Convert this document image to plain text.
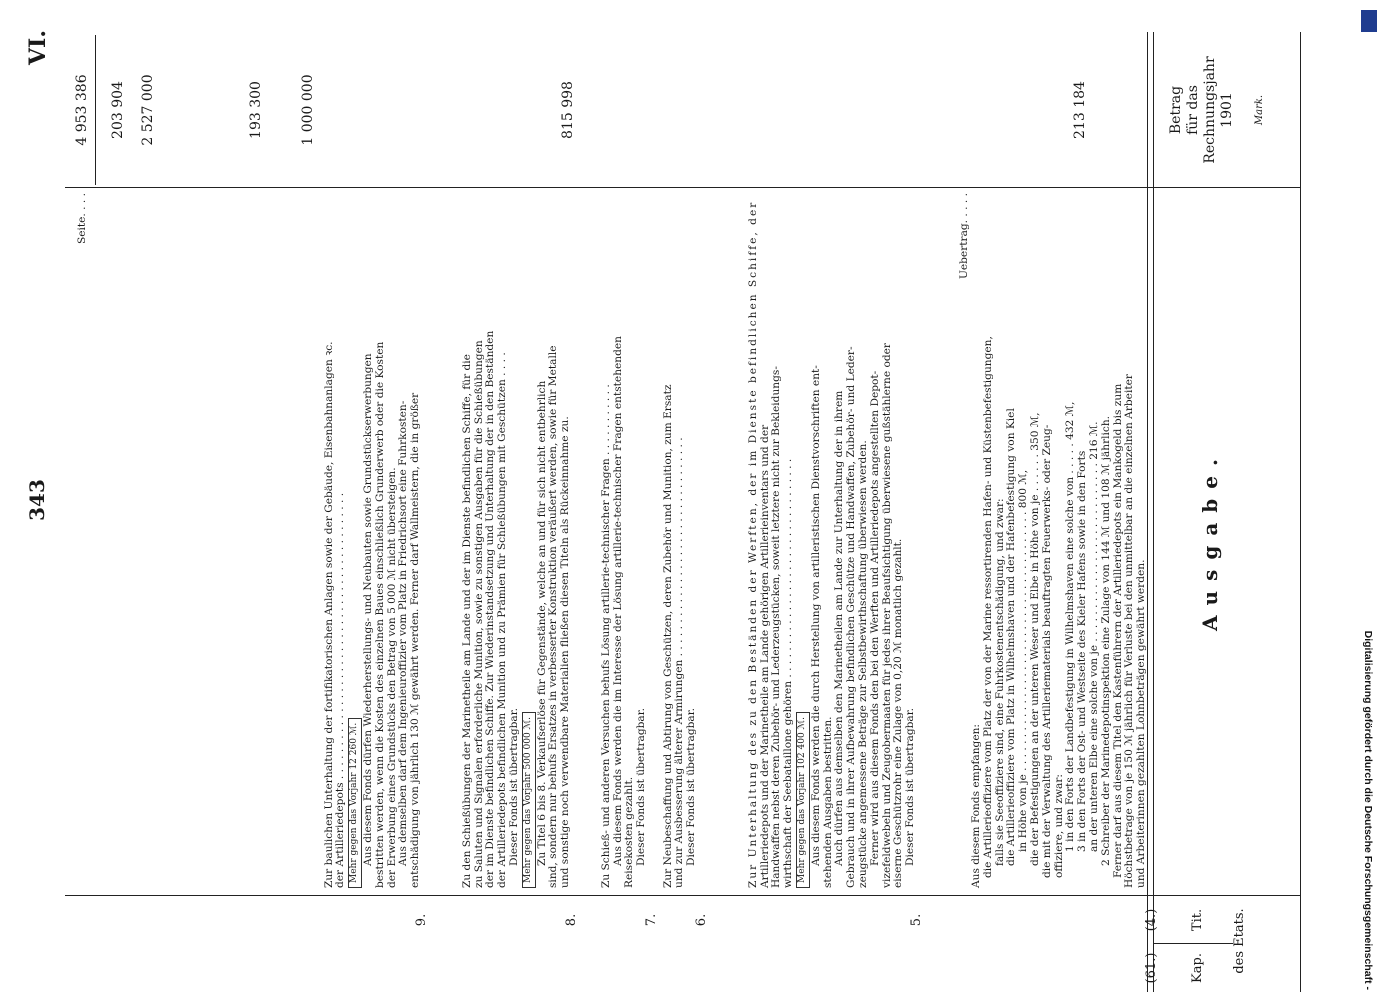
343
VI.
Kap.
Tit. des Etats.
Ausgabe.
Betrag für das Rechnungsjahr 1901 Mark.
Seite. . . .
4 953 386
(61.)
(4.)

Uebertrag. . . . .

Aus diesem Fonds empfangen: die Artillerieoffiziere vom Platz der von der Marine ressortirenden Hafen- und Küstenbefestigungen, falls sie Seeoffiziere sind, eine Fuhrkostenentschädigung, und zwar: die Artillerieoffiziere vom Platz in Wilhelmshaven und der Hafenbefestigung von Kiel in Höhe von je . . . . . . . . . . . . . . . . . . . . . . . . . . . . . . . . . . . . . . . 800 ℳ, die der Befestigungen an der unteren Weser und Elbe in Höhe von je . . . . . . 350 ℳ, die mit der Verwaltung des Artilleriematerials beauftragten Feuerwerks- oder Zeug- offiziere, und zwar: 1 in den Forts der Landbefestigung in Wilhelmshaven eine solche von . . . . . 432 ℳ, 3 in den Forts der Ost- und Westseite des Kieler Hafens sowie in den Forts an der unteren Elbe eine solche von je . . . . . . . . . . . . . . . . . . . . . . . . . . . 216 ℳ. 2 Schreiber der Marinedepotinspektion eine Zulage von 144 ℳ und 108 ℳ jährlich. Ferner darf aus diesem Titel den Kastenführern der Artilleriedepots ein Mankogeld bis zum Höchstbetrage von je 150 ℳ jährlich für Verluste bei den unmittelbar an die einzelnen Arbeiter und Arbeiterinnen gezahlten Lohnbeträgen gewährt werden.

213 184
5.

Zur Unterhaltung des zu den Beständen der Werften, der im Dienste befindlichen Schiffe, der Artilleriedepots und der Marinetheile am Lande gehörigen Artillerieinventars und der Handwaffen nebst deren Zubehör- und Lederzeugstücken, soweit letztere nicht zur Bekleidungs- wirthschaft der Seebataillone gehören . . . . . . . . . . . . . . . . . . . . . . . . . . . . . . . . . Mehr gegen das Vorjahr 102 400 ℳ. Aus diesem Fonds werden die durch Herstellung von artilleristischen Dienstvorschriften ent- stehenden Ausgaben bestritten. Auch dürfen aus demselben den Marinetheilen am Lande zur Unterhaltung der in ihrem Gebrauch und in ihrer Aufbewahrung befindlichen Geschütze und Handwaffen, Zubehör- und Leder- zeugstücke angemessene Beträge zur Selbstbewirthschaftung überwiesen werden. Ferner wird aus diesem Fonds den bei den Werften und Artilleriedepots angestellten Depot- vizefeldwebeln und Zeugobermaaten für jedes ihrer Beaufsichtigung überwiesene gußstählerne oder eiserne Geschützrohr eine Zulage von 0,20 ℳ monatlich gezahlt. Dieser Fonds ist übertragbar.

815 998
6.

Zur Neubeschaffung und Abtirung von Geschützen, deren Zubehör und Munition, zum Ersatz und zur Ausbesserung älterer Armirungen . . . . . . . . . . . . . . . . . . . . . . . . . . . . . . . . . Dieser Fonds ist übertragbar.

1 000 000
7.

Zu Schieß- und anderen Versuchen behufs Lösung artillerie-technischer Fragen . . . . . . . . . . . Aus diesem Fonds werden die im Interesse der Lösung artillerie-technischer Fragen entstehenden Reisekosten gezahlt. Dieser Fonds ist übertragbar.

193 300
8.

Zu den Schießübungen der Marinetheile am Lande und der im Dienste befindlichen Schiffe, für die zu Saluten und Signalen erforderliche Munition, sowie zu sonstigen Ausgaben für die Schießübungen der im Dienste befindlichen Schiffe. Zur Wiederinstandsetzung und Unterhaltung der in den Beständen der Artilleriedepots befindlichen Munition und zu Prämien für Schießübungen mit Geschützen . . . . Dieser Fonds ist übertragbar. Mehr gegen das Vorjahr 500 000 ℳ. Zu Titel 6 bis 8. Verkaufserlöse für Gegenstände, welche an und für sich nicht entbehrlich sind, sondern nur behufs Ersatzes in verbesserter Konstruktion veräußert werden, sowie für Metalle und sonstige noch verwendbare Materialien fließen diesen Titeln als Rückeinnahme zu.

2 527 000
9.

Zur baulichen Unterhaltung der fortifikatorischen Anlagen sowie der Gebäude, Eisenbahnanlagen ꝛc. der Artilleriedepots . . . . . . . . . . . . . . . . . . . . . . . . . . . . . . . . . . . . . . . . . . . Mehr gegen das Vorjahr 12 260 ℳ. Aus diesem Fonds dürfen Wiederherstellungs- und Neubauten sowie Grundstückserwerbungen bestritten werden, wenn die Kosten des einzelnen Baues einschließlich Grunderwerb oder die Kosten der Erwerbung eines Grundstücks den Betrag von 5 000 ℳ nicht übersteigen. Aus demselben darf dem Ingenieuroffizier vom Platz in Friedrichsort eine Fuhrkosten- entschädigung von jährlich 130 ℳ gewährt werden. Ferner darf Wallmeistern, die in größer

203 904
Digitalisierung gefördert durch die Deutsche Forschungsgemeinschaft -
